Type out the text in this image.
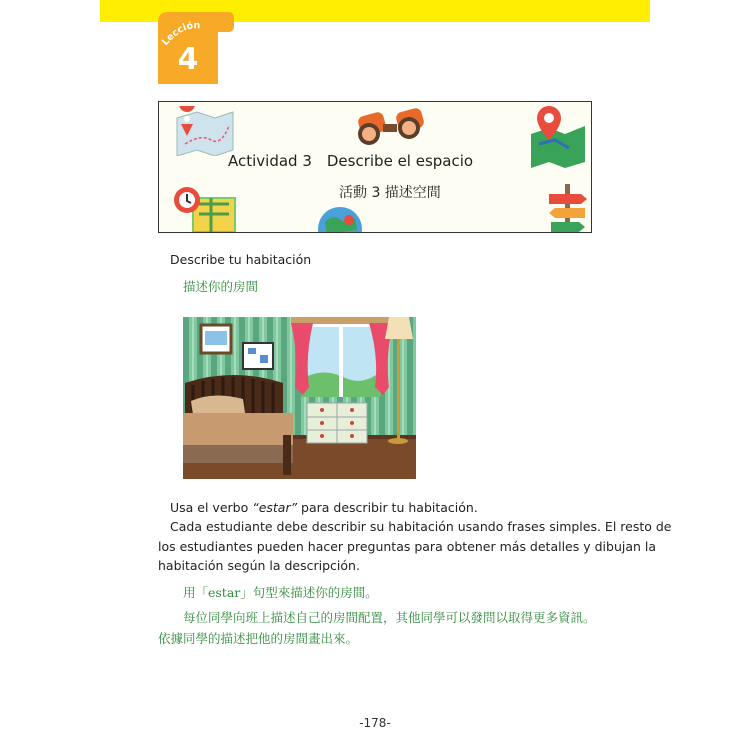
Lección
4
Actividad 3　Describe el espacio
活動 3 描述空間
Describe tu habitación
描述你的房間
Usa el verbo “estar” para describir tu habitación.
Cada estudiante debe describir su habitación usando frases simples. El resto de
los estudiantes pueden hacer preguntas para obtener más detalles y dibujan la
habitación según la descripción.
用「estar」句型來描述你的房間。
每位同學向班上描述自己的房間配置，其他同學可以發問以取得更多資訊。
依據同學的描述把他的房間畫出來。
-178-
